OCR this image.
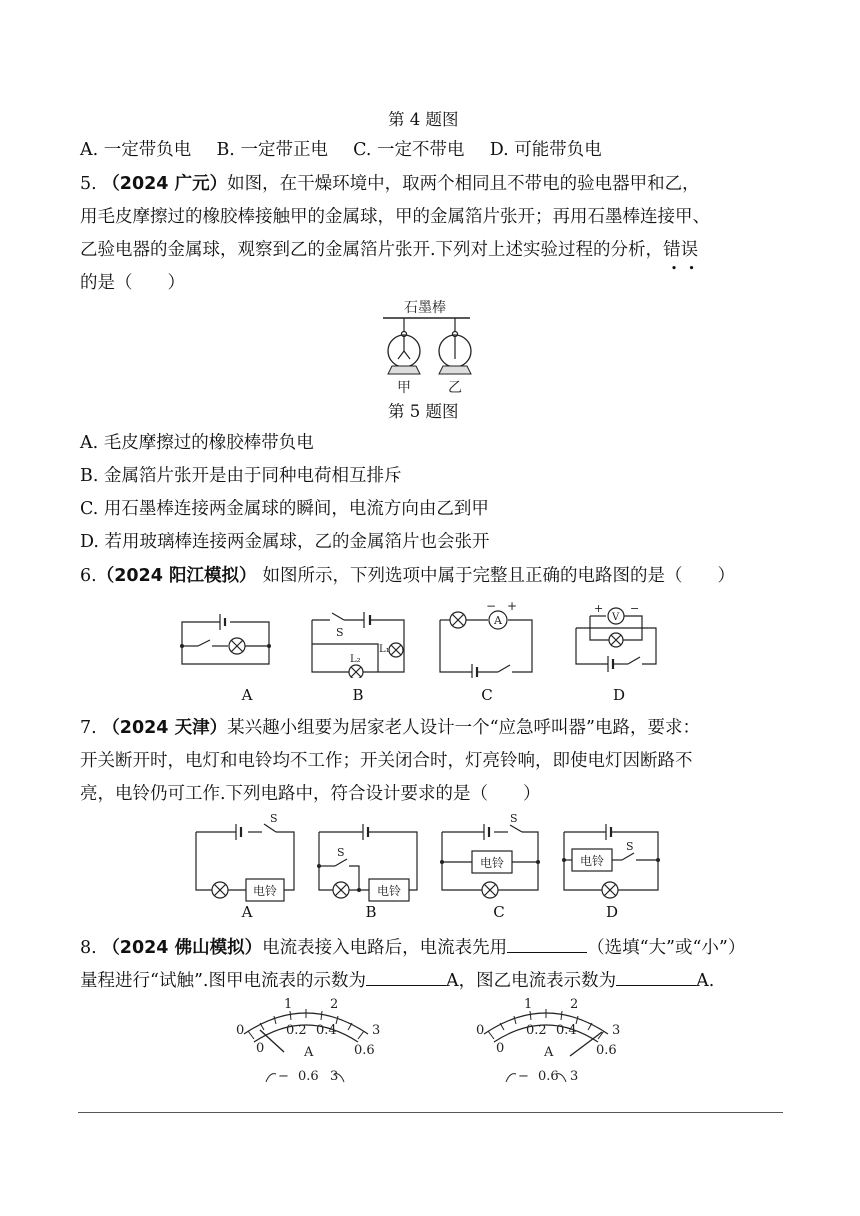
第 4 题图
A. 一定带负电 B. 一定带正电 C. 一定不带电 D. 可能带负电
5. （2024 广元）如图，在干燥环境中，取两个相同且不带电的验电器甲和乙，
用毛皮摩擦过的橡胶棒接触甲的金属球，甲的金属箔片张开；再用石墨棒连接甲、
乙验电器的金属球，观察到乙的金属箔片张开.下列对上述实验过程的分析，错误
的是（　　）
石墨棒
甲	乙
第 5 题图
A. 毛皮摩擦过的橡胶棒带负电
B. 金属箔片张开是由于同种电荷相互排斥
C. 用石墨棒连接两金属球的瞬间，电流方向由乙到甲
D. 若用玻璃棒连接两金属球，乙的金属箔片也会张开
6.（2024 阳江模拟） 如图所示，下列选项中属于完整且正确的电路图的是（　　）
S
L₂
L₁
A
− +
V
+ −
A	B	C	D
7. （2024 天津）某兴趣小组要为居家老人设计一个“应急呼叫器”电路，要求：
开关断开时，电灯和电铃均不工作；开关闭合时，灯亮铃响，即使电灯因断路不
亮，电铃仍可工作.下列电路中，符合设计要求的是（　　）
S
电铃
S
电铃
S
电铃
S
电铃
A	B	C	D
8. （2024 佛山模拟）电流表接入电路后，电流表先用	（选填“大”或“小”）
量程进行“试触”.图甲电流表的示数为	A，图乙电流表示数为	A.
0
1	2
3
0
0.2 0.4
0.6
A
− 0.6 3
0
1	2
3
0
0.2 0.4
0.6
A
− 0.6 3
